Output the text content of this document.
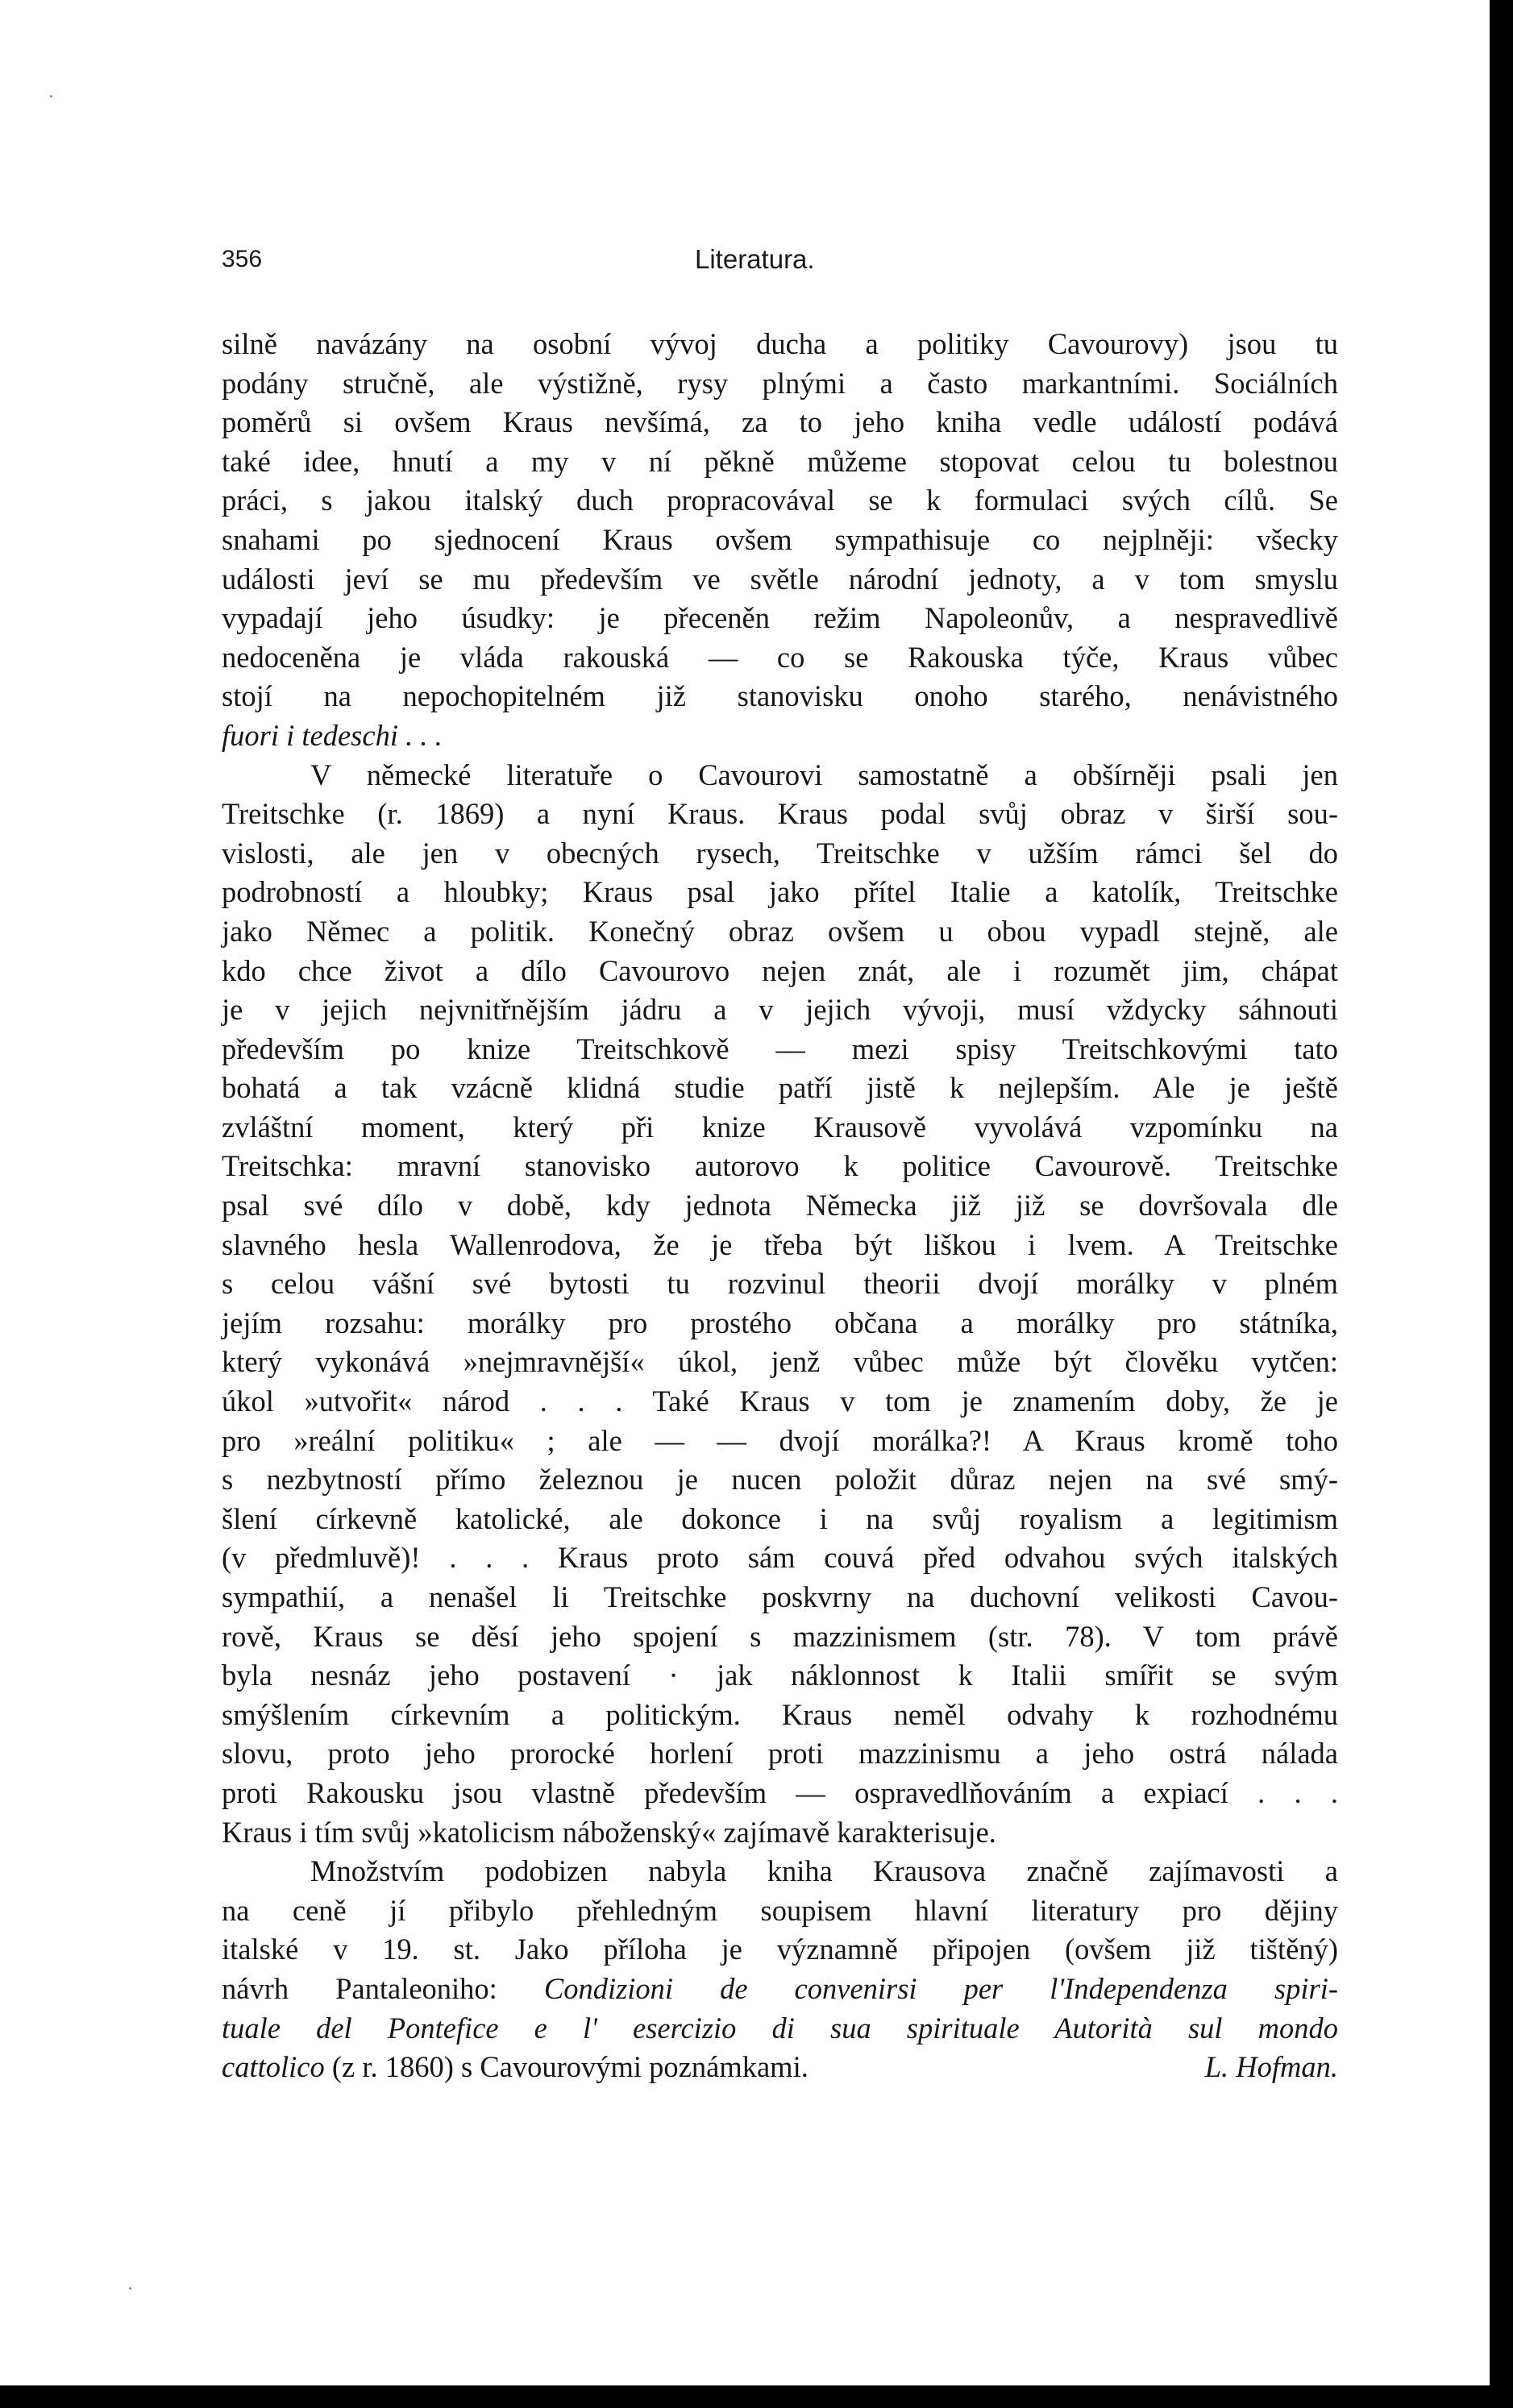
356	Literatura.
silně navázány na osobní vývoj ducha a politiky Cavourovy) jsou tu
podány stručně, ale výstižně, rysy plnými a často markantními. Sociálních
poměrů si ovšem Kraus nevšímá, za to jeho kniha vedle událostí podává
také idee, hnutí a my v ní pěkně můžeme stopovat celou tu bolestnou
práci, s jakou italský duch propracovával se k formulaci svých cílů. Se
snahami po sjednocení Kraus ovšem sympathisuje co nejplněji: všecky
události jeví se mu především ve světle národní jednoty, a v tom smyslu
vypadají jeho úsudky: je přeceněn režim Napoleonův, a nespravedlivě
nedoceněna je vláda rakouská — co se Rakouska týče, Kraus vůbec
stojí na nepochopitelném již stanovisku onoho starého, nenávistného
fuori i tedeschi . . .
V německé literatuře o Cavourovi samostatně a obšírněji psali jen
Treitschke (r. 1869) a nyní Kraus. Kraus podal svůj obraz v širší sou-
vislosti, ale jen v obecných rysech, Treitschke v užším rámci šel do
podrobností a hloubky; Kraus psal jako přítel Italie a katolík, Treitschke
jako Němec a politik. Konečný obraz ovšem u obou vypadl stejně, ale
kdo chce život a dílo Cavourovo nejen znát, ale i rozumět jim, chápat
je v jejich nejvnitřnějším jádru a v jejich vývoji, musí vždycky sáhnouti
především po knize Treitschkově — mezi spisy Treitschkovými tato
bohatá a tak vzácně klidná studie patří jistě k nejlepším. Ale je ještě
zvláštní moment, který při knize Krausově vyvolává vzpomínku na
Treitschka: mravní stanovisko autorovo k politice Cavourově. Treitschke
psal své dílo v době, kdy jednota Německa již již se dovršovala dle
slavného hesla Wallenrodova, že je třeba být liškou i lvem. A Treitschke
s celou vášní své bytosti tu rozvinul theorii dvojí morálky v plném
jejím rozsahu: morálky pro prostého občana a morálky pro státníka,
který vykonává »nejmravnější« úkol, jenž vůbec může být člověku vytčen:
úkol »utvořit« národ . . . Také Kraus v tom je znamením doby, že je
pro »reální politiku« ; ale — — dvojí morálka?! A Kraus kromě toho
s nezbytností přímo železnou je nucen položit důraz nejen na své smý-
šlení církevně katolické, ale dokonce i na svůj royalism a legitimism
(v předmluvě)! . . . Kraus proto sám couvá před odvahou svých italských
sympathií, a nenašel li Treitschke poskvrny na duchovní velikosti Cavou-
rově, Kraus se děsí jeho spojení s mazzinismem (str. 78). V tom právě
byla nesnáz jeho postavení · jak náklonnost k Italii smířit se svým
smýšlením církevním a politickým. Kraus neměl odvahy k rozhodnému
slovu, proto jeho prorocké horlení proti mazzinismu a jeho ostrá nálada
proti Rakousku jsou vlastně především — ospravedlňováním a expiací . . .
Kraus i tím svůj »katolicism náboženský« zajímavě karakterisuje.
Množstvím podobizen nabyla kniha Krausova značně zajímavosti a
na ceně jí přibylo přehledným soupisem hlavní literatury pro dějiny
italské v 19. st. Jako příloha je významně připojen (ovšem již tištěný)
návrh Pantaleoniho: Condizioni de convenirsi per l'Independenza spiri-
tuale del Pontefice e l' esercizio di sua spirituale Autorità sul mondo
cattolico (z r. 1860) s Cavourovými poznámkami.	L. Hofman.
